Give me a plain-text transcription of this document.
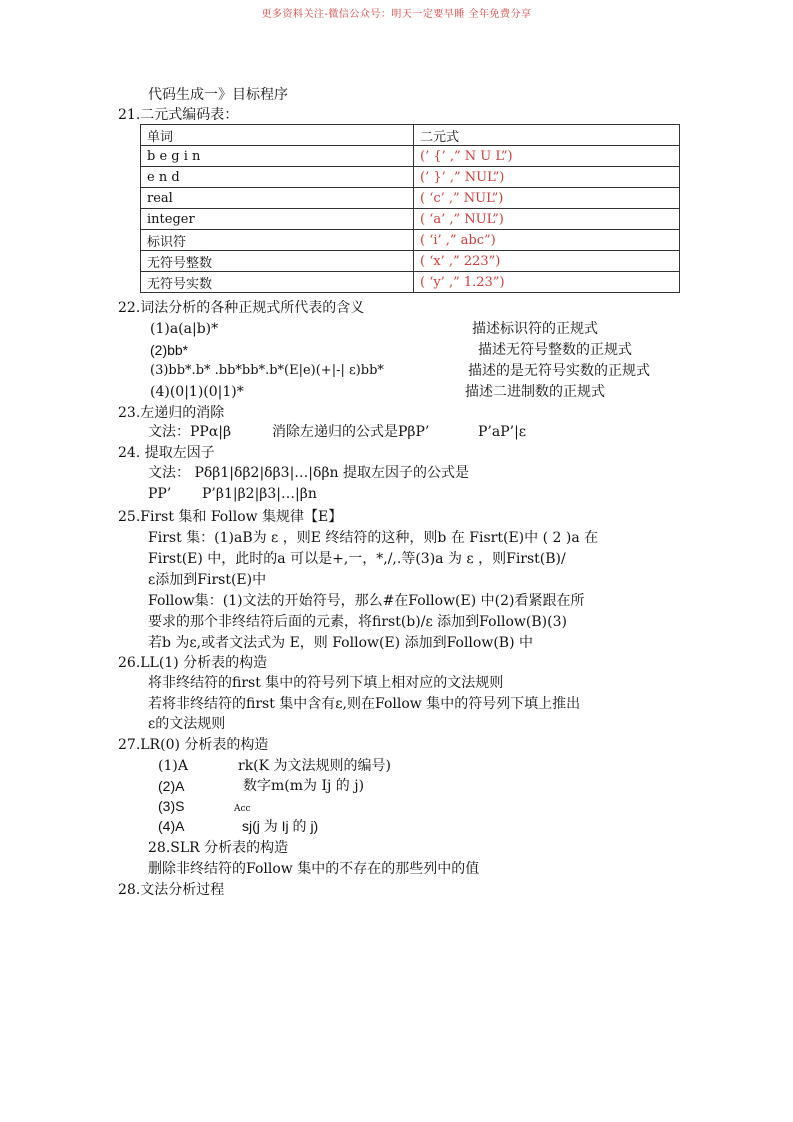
更多资料关注-微信公众号：明天一定要早睡 全年免费分享
代码生成一》目标程序
21.二元式编码表：
单词	二元式
b e g i n	(’ {’ ,” N U L”)
e n d	(’ }’ ,” NUL”)
real	( ‘c’ ,” NUL”)
integer	( ‘a’ ,” NUL”)
标识符	( ‘i’ ,” abc”)
无符号整数	( ‘x’ ,” 223”)
无符号实数	( ‘y’ ,” 1.23”)
22.词法分析的各种正规式所代表的含义
(1)a(a|b)*	描述标识符的正规式
(2)bb*	描述无符号整数的正规式
(3)bb*.b* .bb*bb*.b*(E|e)(+|-| ε)bb*	描述的是无符号实数的正规式
(4)(0|1)(0|1)*	描述二进制数的正规式
23.左递归的消除
文法：PPα|β	消除左递归的公式是PβP’	P’aP’|ε
24. 提取左因子
文法： Pδβ1|δβ2|δβ3|…|δβn 提取左因子的公式是
PP’ P’β1|β2|β3|…|βn
25.First 集和 Follow 集规律【E】
First 集：(1)aB为 ε ，则E 终结符的这种，则b 在 Fisrt(E)中 ( 2 )a 在
First(E) 中，此时的a 可以是+,一，*,/,.等(3)a 为 ε ，则First(B)/
ε添加到First(E)中
Follow集：(1)文法的开始符号，那么#在Follow(E) 中(2)看紧跟在所
要求的那个非终结符后面的元素，将first(b)/ε 添加到Follow(B)(3)
若b 为ε,或者文法式为 E，则 Follow(E) 添加到Follow(B) 中
26.LL(1) 分析表的构造
将非终结符的first 集中的符号列下填上相对应的文法规则
若将非终结符的first 集中含有ε,则在Follow 集中的符号列下填上推出
ε的文法规则
27.LR(0) 分析表的构造
(1)A	rk(K 为文法规则的编号)
(2)A	数字m(m为 Ij 的 j)
(3)S	Acc
(4)A	sj(j 为 Ij 的 j)
28.SLR 分析表的构造
删除非终结符的Follow 集中的不存在的那些列中的值
28.文法分析过程
